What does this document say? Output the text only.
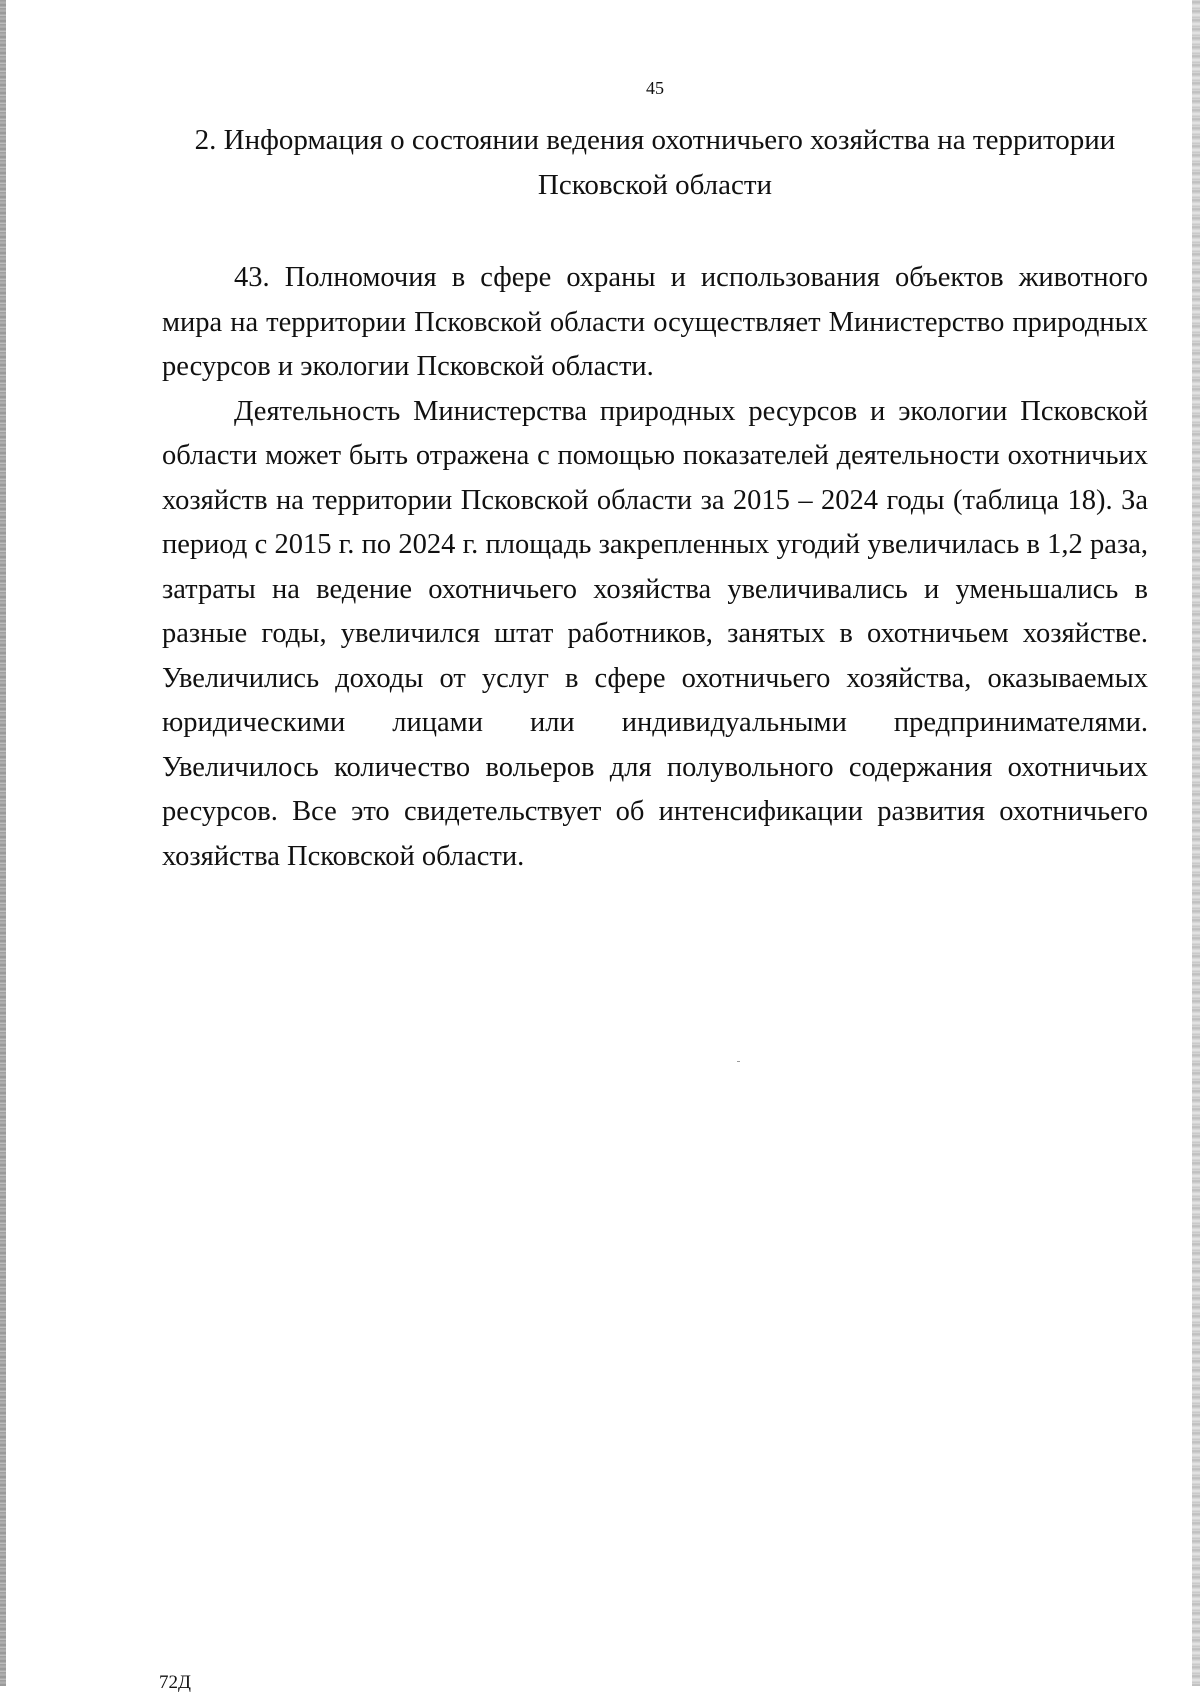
45
2. Информация о состоянии ведения охотничьего хозяйства на территории Псковской области

43. Полномочия в сфере охраны и использования объектов животного мира на территории Псковской области осуществляет Министерство природных ресурсов и экологии Псковской области.

Деятельность Министерства природных ресурсов и экологии Псковской области может быть отражена с помощью показателей деятельности охотничьих хозяйств на территории Псковской области за 2015 – 2024 годы (таблица 18). За период с 2015 г. по 2024 г. площадь закрепленных угодий увеличилась в 1,2 раза, затраты на ведение охотничьего хозяйства увеличивались и уменьшались в разные годы, увеличился штат работников, занятых в охотничьем хозяйстве. Увеличились доходы от услуг в сфере охотничьего хозяйства, оказываемых юридическими лицами или индивидуальными предпринимателями. Увеличилось количество вольеров для полувольного содержания охотничьих ресурсов. Все это свидетельствует об интенсификации развития охотничьего хозяйства Псковской области.

72Д
